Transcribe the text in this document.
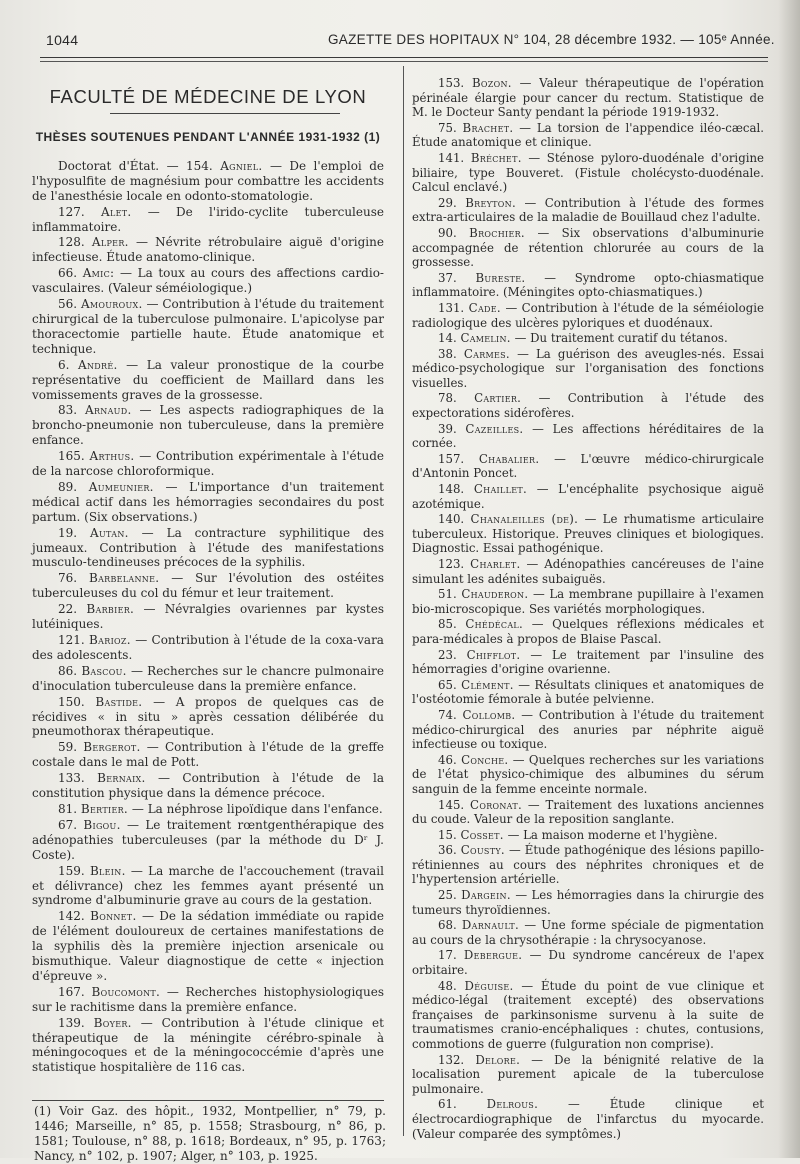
1044	GAZETTE DES HOPITAUX N° 104, 28 décembre 1932. — 105ᵉ Année.
FACULTÉ DE MÉDECINE DE LYON
THÈSES SOUTENUES PENDANT L'ANNÉE 1931-1932 (1)

Doctorat d'État. — 154. Agniel. — De l'emploi de l'hyposulfite de magnésium pour combattre les accidents de l'anesthésie locale en odonto-stomatologie.

127. Alet. — De l'irido-cyclite tuberculeuse inflammatoire.

128. Alper. — Névrite rétrobulaire aiguë d'origine infectieuse. Étude anatomo-clinique.

66. Amic: — La toux au cours des affections cardio-vasculaires. (Valeur séméiologique.)

56. Amouroux. — Contribution à l'étude du traitement chirurgical de la tuberculose pulmonaire. L'apicolyse par thoracectomie partielle haute. Étude anatomique et technique.

6. André. — La valeur pronostique de la courbe représentative du coefficient de Maillard dans les vomissements graves de la grossesse.

83. Arnaud. — Les aspects radiographiques de la broncho-pneumonie non tuberculeuse, dans la première enfance.

165. Arthus. — Contribution expérimentale à l'étude de la narcose chloroformique.

89. Aumeunier. — L'importance d'un traitement médical actif dans les hémorragies secondaires du post partum. (Six observations.)

19. Autan. — La contracture syphilitique des jumeaux. Contribution à l'étude des manifestations musculo-tendineuses précoces de la syphilis.

76. Barbelanne. — Sur l'évolution des ostéites tuberculeuses du col du fémur et leur traitement.

22. Barbier. — Névralgies ovariennes par kystes lutéiniques.

121. Barioz. — Contribution à l'étude de la coxa-vara des adolescents.

86. Bascou. — Recherches sur le chancre pulmonaire d'inoculation tuberculeuse dans la première enfance.

150. Bastide. — A propos de quelques cas de récidives « in situ » après cessation délibérée du pneumothorax thérapeutique.

59. Bergerot. — Contribution à l'étude de la greffe costale dans le mal de Pott.

133. Bernaix. — Contribution à l'étude de la constitution physique dans la démence précoce.

81. Bertier. — La néphrose lipoïdique dans l'enfance.

67. Bigou. — Le traitement rœntgenthérapique des adénopathies tuberculeuses (par la méthode du Dʳ J. Coste).

159. Blein. — La marche de l'accouchement (travail et délivrance) chez les femmes ayant présenté un syndrome d'albuminurie grave au cours de la gestation.

142. Bonnet. — De la sédation immédiate ou rapide de l'élément douloureux de certaines manifestations de la syphilis dès la première injection arsenicale ou bismuthique. Valeur diagnostique de cette « injection d'épreuve ».

167. Boucomont. — Recherches histophysiologiques sur le rachitisme dans la première enfance.

139. Boyer. — Contribution à l'étude clinique et thérapeutique de la méningite cérébro-spinale à méningocoques et de la méningococcémie d'après une statistique hospitalière de 116 cas.

(1) Voir Gaz. des hôpit., 1932, Montpellier, n° 79, p. 1446; Marseille, n° 85, p. 1558; Strasbourg, n° 86, p. 1581; Toulouse, n° 88, p. 1618; Bordeaux, n° 95, p. 1763; Nancy, n° 102, p. 1907; Alger, n° 103, p. 1925.

153. Bozon. — Valeur thérapeutique de l'opération périnéale élargie pour cancer du rectum. Statistique de M. le Docteur Santy pendant la période 1919-1932.

75. Brachet. — La torsion de l'appendice iléo-cæcal. Étude anatomique et clinique.

141. Bréchet. — Sténose pyloro-duodénale d'origine biliaire, type Bouveret. (Fistule cholécysto-duodénale. Calcul enclavé.)

29. Breyton. — Contribution à l'étude des formes extra-articulaires de la maladie de Bouillaud chez l'adulte.

90. Brochier. — Six observations d'albuminurie accompagnée de rétention chlorurée au cours de la grossesse.

37. Bureste. — Syndrome opto-chiasmatique inflammatoire. (Méningites opto-chiasmatiques.)

131. Cade. — Contribution à l'étude de la séméiologie radiologique des ulcères pyloriques et duodénaux.

14. Camelin. — Du traitement curatif du tétanos.

38. Carmes. — La guérison des aveugles-nés. Essai médico-psychologique sur l'organisation des fonctions visuelles.

78. Cartier. — Contribution à l'étude des expectorations sidérofères.

39. Cazeilles. — Les affections héréditaires de la cornée.

157. Chabalier. — L'œuvre médico-chirurgicale d'Antonin Poncet.

148. Chaillet. — L'encéphalite psychosique aiguë azotémique.

140. Chanaleilles (de). — Le rhumatisme articulaire tuberculeux. Historique. Preuves cliniques et biologiques. Diagnostic. Essai pathogénique.

123. Charlet. — Adénopathies cancéreuses de l'aine simulant les adénites subaiguës.

51. Chauderon. — La membrane pupillaire à l'examen bio-microscopique. Ses variétés morphologiques.

85. Chédécal. — Quelques réflexions médicales et para-médicales à propos de Blaise Pascal.

23. Chifflot. — Le traitement par l'insuline des hémorragies d'origine ovarienne.

65. Clément. — Résultats cliniques et anatomiques de l'ostéotomie fémorale à butée pelvienne.

74. Collomb. — Contribution à l'étude du traitement médico-chirurgical des anuries par néphrite aiguë infectieuse ou toxique.

46. Conche. — Quelques recherches sur les variations de l'état physico-chimique des albumines du sérum sanguin de la femme enceinte normale.

145. Coronat. — Traitement des luxations anciennes du coude. Valeur de la reposition sanglante.

15. Cosset. — La maison moderne et l'hygiène.

36. Cousty. — Étude pathogénique des lésions papillo-rétiniennes au cours des néphrites chroniques et de l'hypertension artérielle.

25. Dargein. — Les hémorragies dans la chirurgie des tumeurs thyroïdiennes.

68. Darnault. — Une forme spéciale de pigmentation au cours de la chrysothérapie : la chrysocyanose.

17. Debergue. — Du syndrome cancéreux de l'apex orbitaire.

48. Déguise. — Étude du point de vue clinique et médico-légal (traitement excepté) des observations françaises de parkinsonisme survenu à la suite de traumatismes cranio-encéphaliques : chutes, contusions, commotions de guerre (fulguration non comprise).

132. Delore. — De la bénignité relative de la localisation purement apicale de la tuberculose pulmonaire.

61.	Delrous.	— Étude clinique et électrocardiographique de l'infarctus du myocarde. (Valeur comparée des symptômes.)
